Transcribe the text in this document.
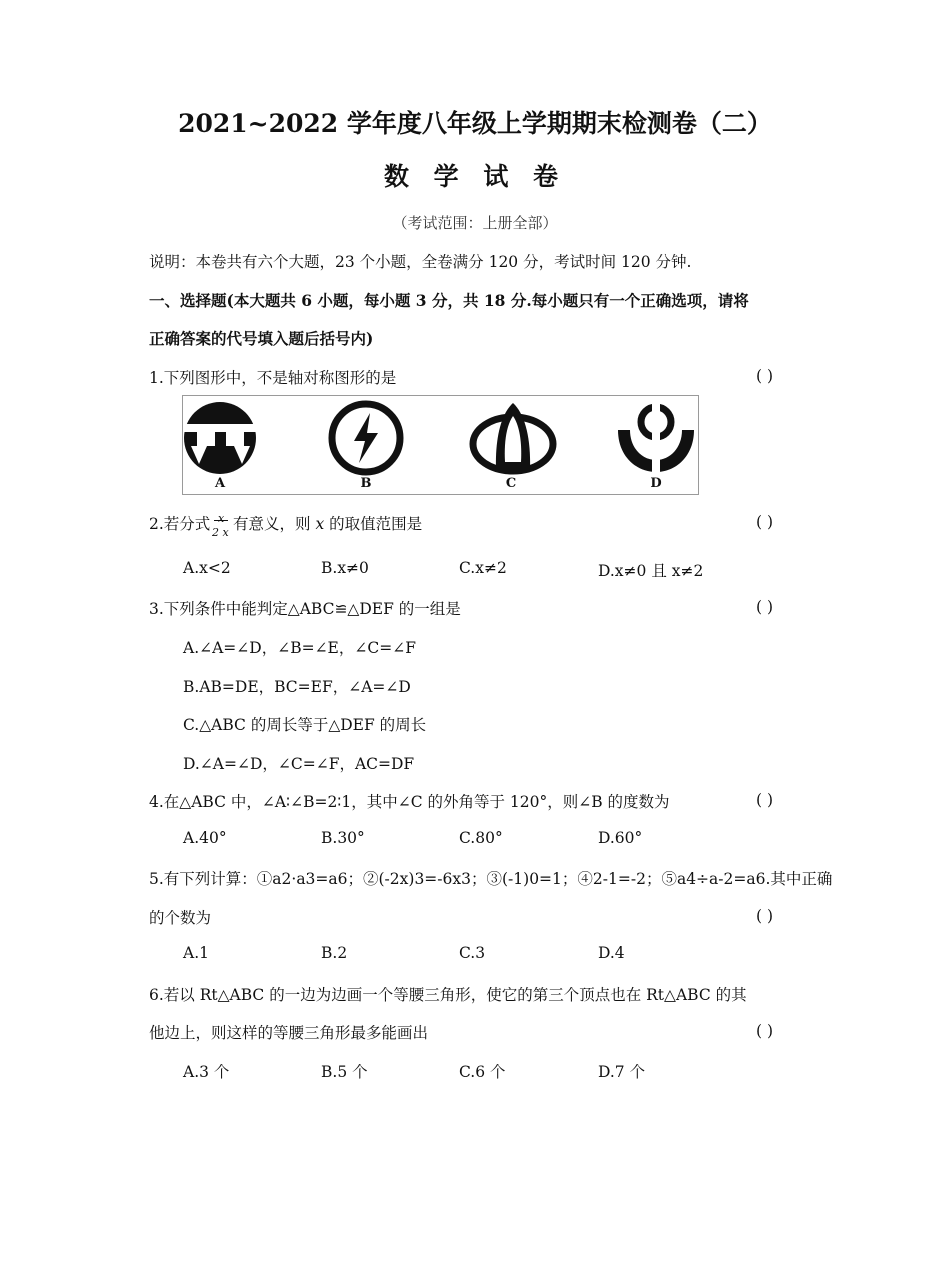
2021~2022 学年度八年级上学期期末检测卷（二）
数 学 试 卷
（考试范围：上册全部）
说明：本卷共有六个大题，23 个小题，全卷满分 120 分，考试时间 120 分钟.
一、选择题(本大题共 6 小题，每小题 3 分，共 18 分.每小题只有一个正确选项，请将
正确答案的代号填入题后括号内)
1.下列图形中，不是轴对称图形的是	( )
A	B	C	D
2.若分式 x
2 x 有意义，则 x 的取值范围是	( )
A.x<2	B.x≠0	C.x≠2	D.x≠0 且 x≠2
3.下列条件中能判定△ABC≌△DEF 的一组是	( )
A.∠A=∠D，∠B=∠E，∠C=∠F
B.AB=DE，BC=EF，∠A=∠D
C.△ABC 的周长等于△DEF 的周长
D.∠A=∠D，∠C=∠F，AC=DF
4.在△ABC 中，∠A∶∠B=2∶1，其中∠C 的外角等于 120°，则∠B 的度数为	( )
A.40°	B.30°	C.80°	D.60°
5.有下列计算：①a2·a3=a6；②(-2x)3=-6x3；③(-1)0=1；④2-1=-2；⑤a4÷a-2=a6.其中正确
的个数为	( )
A.1	B.2	C.3	D.4
6.若以 Rt△ABC 的一边为边画一个等腰三角形，使它的第三个顶点也在 Rt△ABC 的其
他边上，则这样的等腰三角形最多能画出	( )
A.3 个	B.5 个	C.6 个	D.7 个
